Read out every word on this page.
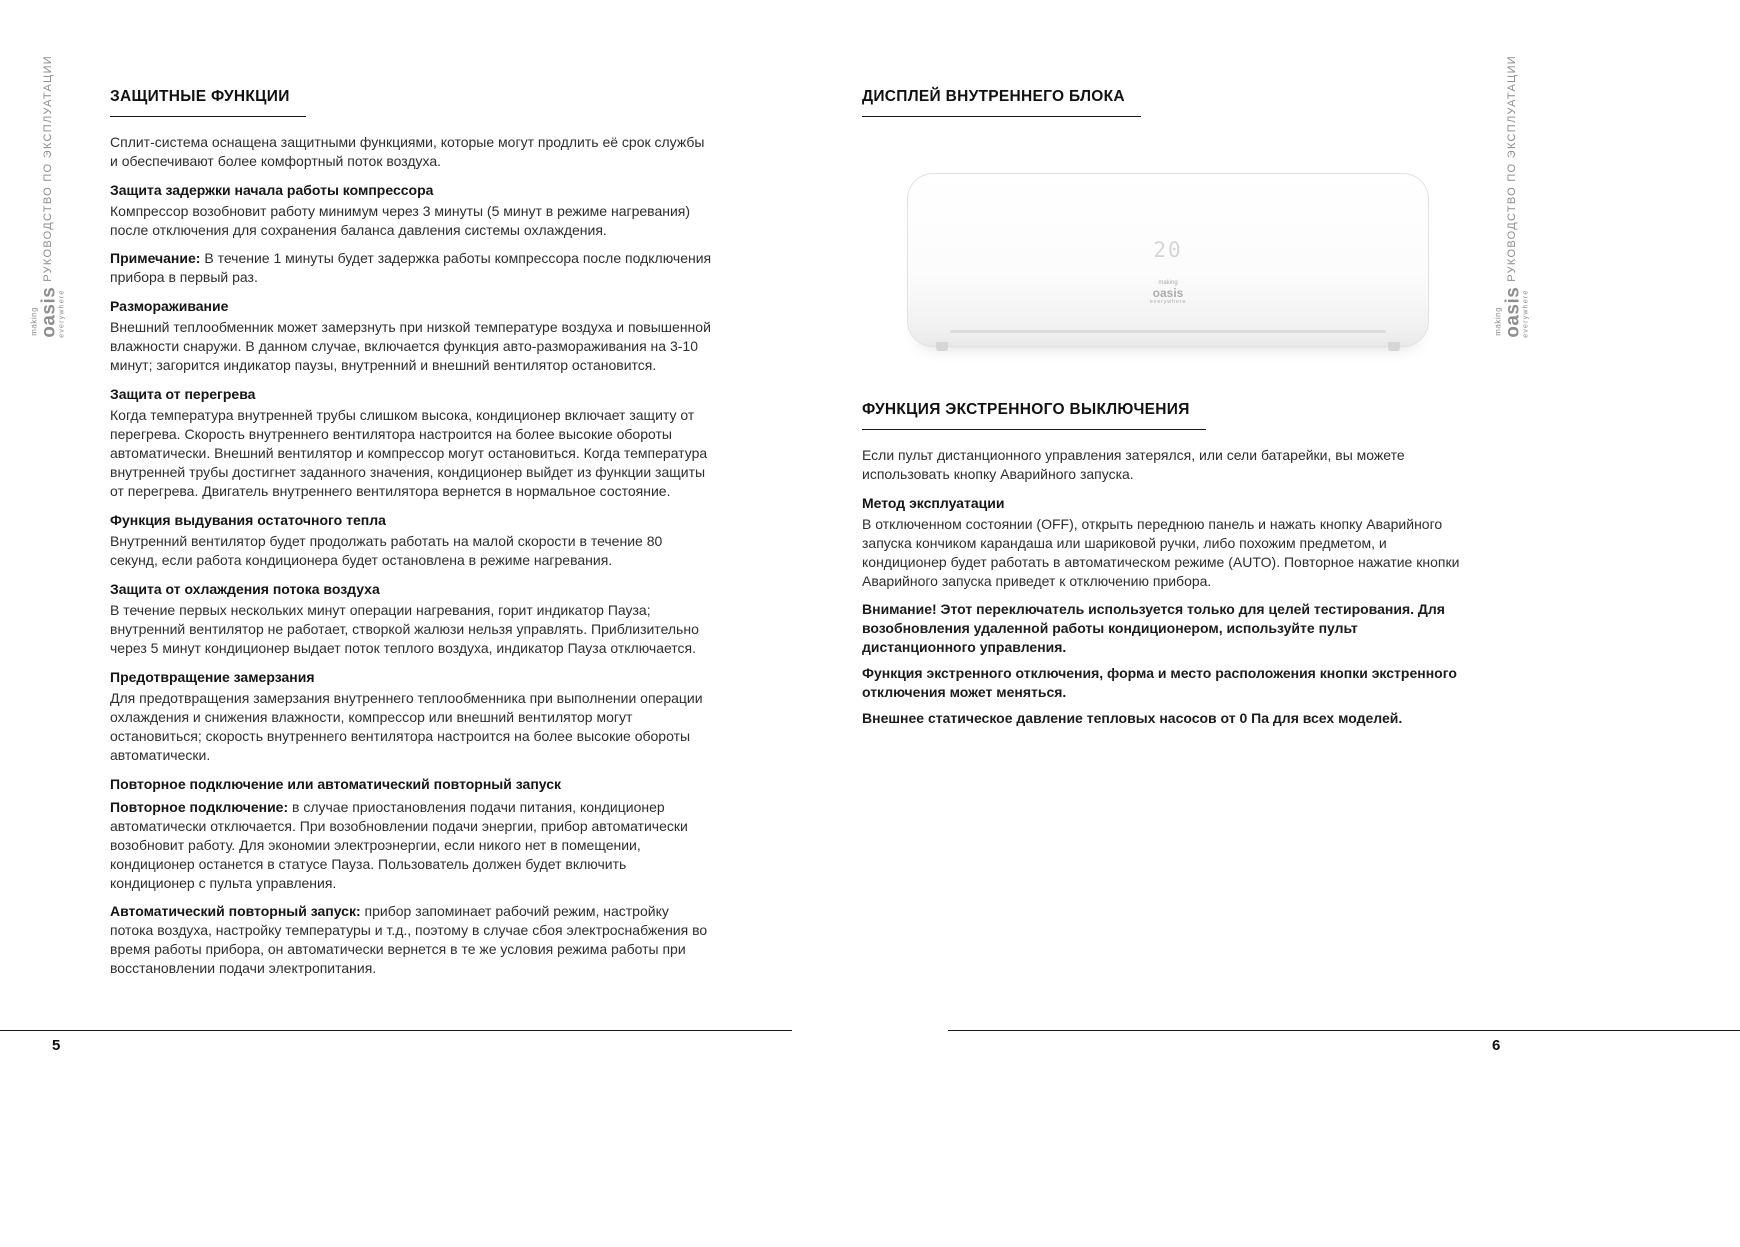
РУКОВОДСТВО ПО ЭКСПЛУАТАЦИИ
making oasis everywhere
РУКОВОДСТВО ПО ЭКСПЛУАТАЦИИ
making oasis everywhere
ЗАЩИТНЫЕ ФУНКЦИИ

Сплит-система оснащена защитными функциями, которые могут продлить её срок службы и обеспечивают более комфортный поток воздуха.

Защита задержки начала работы компрессора

Компрессор возобновит работу минимум через 3 минуты (5 минут в режиме нагревания) после отключения для сохранения баланса давления системы охлаждения.

Примечание: В течение 1 минуты будет задержка работы компрессора после подключения прибора в первый раз.

Размораживание

Внешний теплообменник может замерзнуть при низкой температуре воздуха и повышенной влажности снаружи. В данном случае, включается функция авто-размораживания на 3-10 минут; загорится индикатор паузы, внутренний и внешний вентилятор остановится.

Защита от перегрева

Когда температура внутренней трубы слишком высока, кондиционер включает защиту от перегрева. Скорость внутреннего вентилятора настроится на более высокие обороты автоматически. Внешний вентилятор и компрессор могут остановиться. Когда температура внутренней трубы достигнет заданного значения, кондиционер выйдет из функции защиты от перегрева. Двигатель внутреннего вентилятора вернется в нормальное состояние.

Функция выдувания остаточного тепла

Внутренний вентилятор будет продолжать работать на малой скорости в течение 80 секунд, если работа кондиционера будет остановлена в режиме нагревания.

Защита от охлаждения потока воздуха

В течение первых нескольких минут операции нагревания, горит индикатор Пауза; внутренний вентилятор не работает, створкой жалюзи нельзя управлять. Приблизительно через 5 минут кондиционер выдает поток теплого воздуха, индикатор Пауза отключается.

Предотвращение замерзания

Для предотвращения замерзания внутреннего теплообменника при выполнении операции охлаждения и снижения влажности, компрессор или внешний вентилятор могут остановиться; скорость внутреннего вентилятора настроится на более высокие обороты автоматически.

Повторное подключение или автоматический повторный запуск

Повторное подключение: в случае приостановления подачи питания, кондиционер автоматически отключается. При возобновлении подачи энергии, прибор автоматически возобновит работу. Для экономии электроэнергии, если никого нет в помещении, кондиционер останется в статусе Пауза. Пользователь должен будет включить кондиционер с пульта управления.

Автоматический повторный запуск: прибор запоминает рабочий режим, настройку потока воздуха, настройку температуры и т.д., поэтому в случае сбоя электроснабжения во время работы прибора, он автоматически вернется в те же условия режима работы при восстановлении подачи электропитания.

ДИСПЛЕЙ ВНУТРЕННЕГО БЛОКА
20
making
oasis
everywhere
ФУНКЦИЯ ЭКСТРЕННОГО ВЫКЛЮЧЕНИЯ

Если пульт дистанционного управления затерялся, или сели батарейки, вы можете использовать кнопку Аварийного запуска.

Метод эксплуатации

В отключенном состоянии (OFF), открыть переднюю панель и нажать кнопку Аварийного запуска кончиком карандаша или шариковой ручки, либо похожим предметом, и кондиционер будет работать в автоматическом режиме (AUTO). Повторное нажатие кнопки Аварийного запуска приведет к отключению прибора.

Внимание! Этот переключатель используется только для целей тестирования. Для возобновления удаленной работы кондиционером, используйте пульт дистанционного управления.

Функция экстренного отключения, форма и место расположения кнопки экстренного отключения может меняться.

Внешнее статическое давление тепловых насосов от 0 Па для всех моделей.

5	6
